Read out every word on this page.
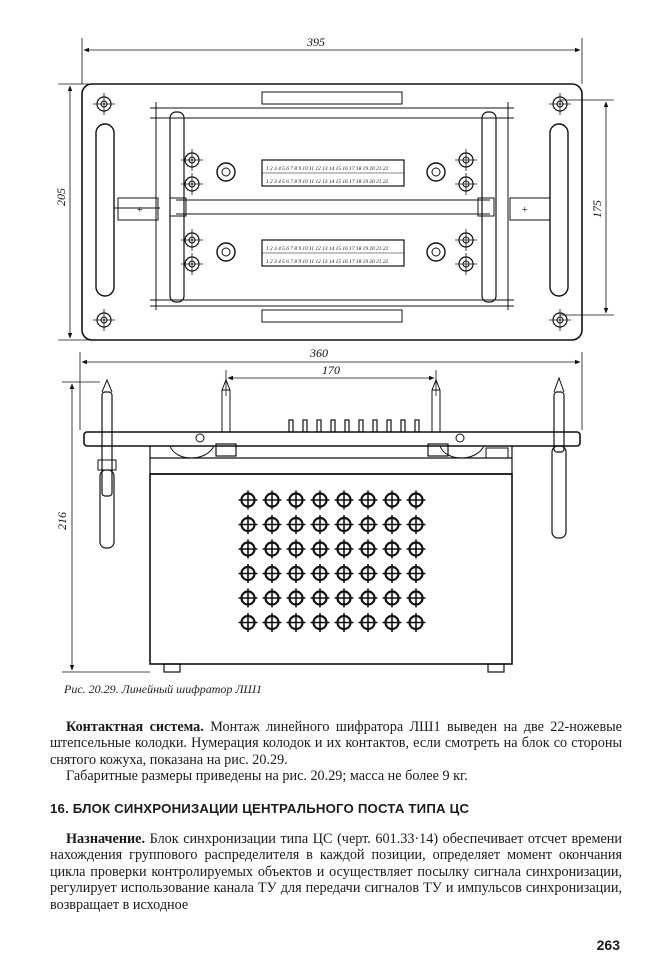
+	+
395
205
175
1 2 3 4 5 6 7 8 9 10 11 12 13 14 15 16 17 18 19 20 21 22
1 2 3 4 5 6 7 8 9 10 11 12 13 14 15 16 17 18 19 20 21 22
1 2 3 4 5 6 7 8 9 10 11 12 13 14 15 16 17 18 19 20 21 22
1 2 3 4 5 6 7 8 9 10 11 12 13 14 15 16 17 18 19 20 21 22
360
170
216
Рис. 20.29. Линейный шифратор ЛШ1

Контактная система. Монтаж линейного шифратора ЛШ1 выведен на две 22-ножевые штепсельные колодки. Нумерация колодок и их контактов, если смотреть на блок со стороны снятого кожуха, показана на рис. 20.29.

Габаритные размеры приведены на рис. 20.29; масса не более 9 кг.

16. БЛОК СИНХРОНИЗАЦИИ ЦЕНТРАЛЬНОГО ПОСТА ТИПА ЦС

Назначение. Блок синхронизации типа ЦС (черт. 601.33·14) обеспечивает отсчет времени нахождения группового распределителя в каждой позиции, определяет момент окончания цикла проверки контролируемых объектов и осуществляет посылку сигнала синхронизации, регулирует использование канала ТУ для передачи сигналов ТУ и импульсов синхронизации, возвращает в исходное

263
